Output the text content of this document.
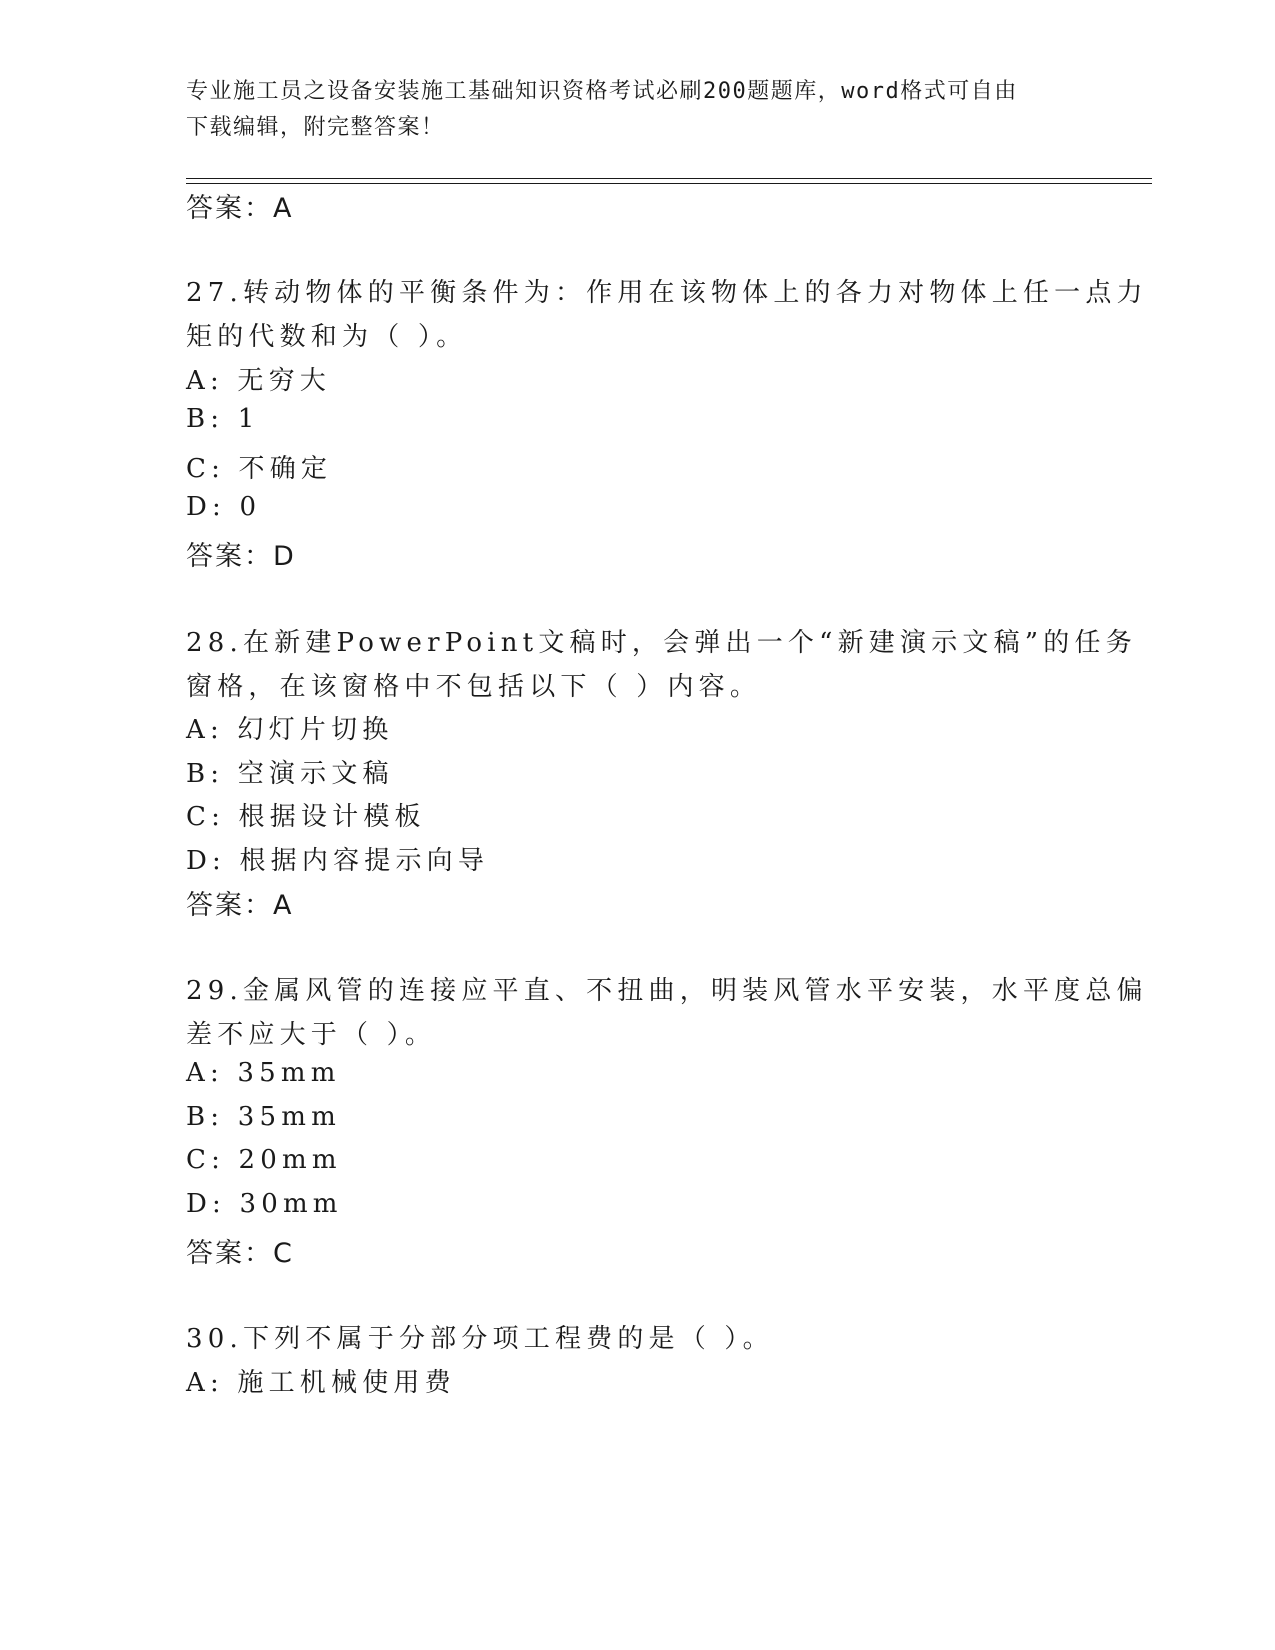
专业施工员之设备安装施工基础知识资格考试必刷200题题库，word格式可自由
下载编辑，附完整答案！
答案：A
27.转动物体的平衡条件为：作用在该物体上的各力对物体上任一点力
矩的代数和为（ ）。
A: 无穷大
B: 1
C: 不确定
D: 0
答案：D
28.在新建PowerPoint文稿时，会弹出一个“新建演示文稿”的任务
窗格，在该窗格中不包括以下（ ）内容。
A: 幻灯片切换
B: 空演示文稿
C: 根据设计模板
D: 根据内容提示向导
答案：A
29.金属风管的连接应平直、不扭曲，明装风管水平安装，水平度总偏
差不应大于（ ）。
A: 35mm
B: 35mm
C: 20mm
D: 30mm
答案：C
30.下列不属于分部分项工程费的是（ ）。
A: 施工机械使用费
